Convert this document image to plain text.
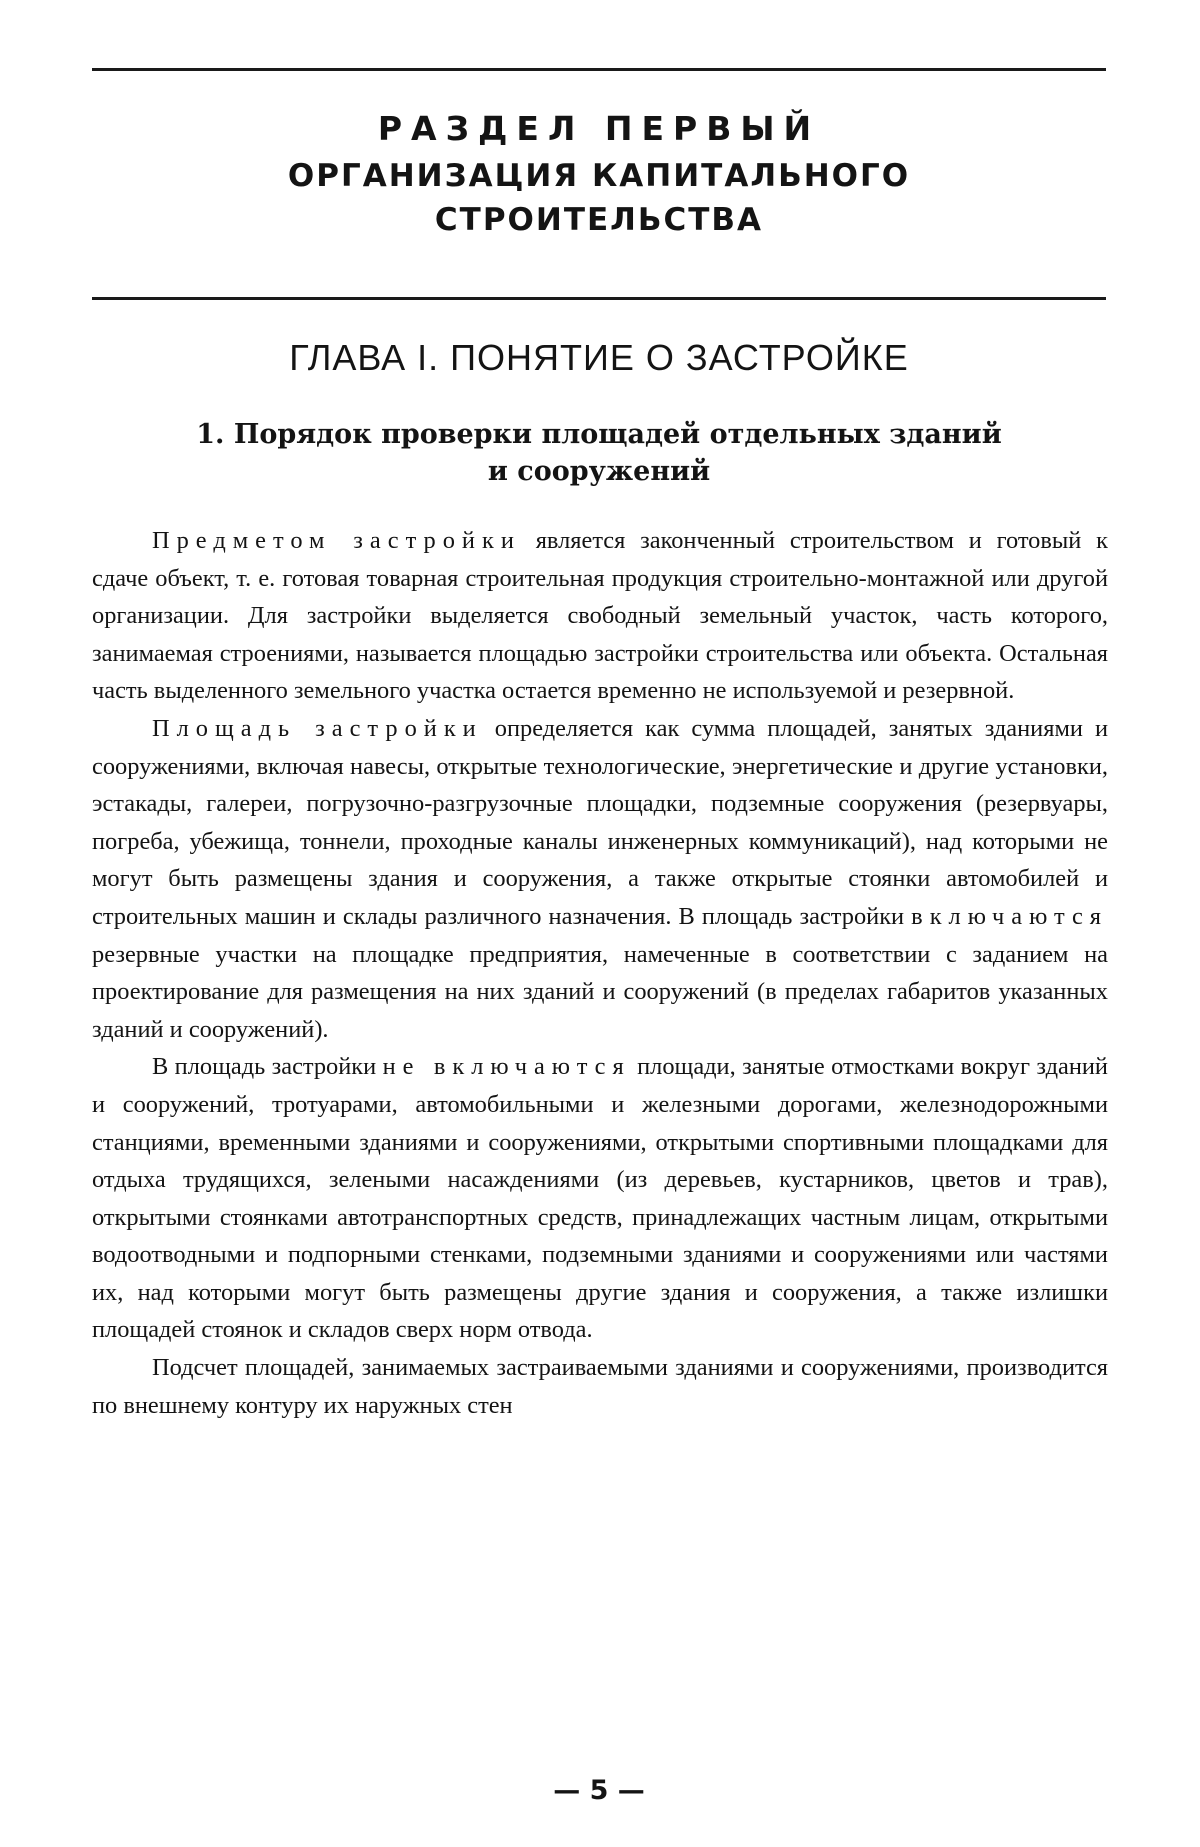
РАЗДЕЛ ПЕРВЫЙ

ОРГАНИЗАЦИЯ КАПИТАЛЬНОГО
СТРОИТЕЛЬСТВА

ГЛАВА I. ПОНЯТИЕ О ЗАСТРОЙКЕ
1. Порядок проверки площадей отдельных зданий
и сооружений

Предметом застройки является законченный строительством и готовый к сдаче объект, т. е. готовая товарная строительная продукция строительно-монтажной или другой организации. Для застройки выделяется свободный земельный участок, часть которого, занимаемая строениями, называется площадью застройки строительства или объекта. Остальная часть выделенного земельного участка остается временно не используемой и резервной.

Площадь застройки определяется как сумма площадей, занятых зданиями и сооружениями, включая навесы, открытые технологические, энергетические и другие установки, эстакады, галереи, погрузочно-разгрузочные площадки, подземные сооружения (резервуары, погреба, убежища, тоннели, проходные каналы инженерных коммуникаций), над которыми не могут быть размещены здания и сооружения, а также открытые стоянки автомобилей и строительных машин и склады различного назначения. В площадь застройки включаются резервные участки на площадке предприятия, намеченные в соответствии с заданием на проектирование для размещения на них зданий и сооружений (в пределах габаритов указанных зданий и сооружений).

В площадь застройки не включаются площади, занятые отмостками вокруг зданий и сооружений, тротуарами, автомобильными и железными дорогами, железнодорожными станциями, временными зданиями и сооружениями, открытыми спортивными площадками для отдыха трудящихся, зелеными насаждениями (из деревьев, кустарников, цветов и трав), открытыми стоянками автотранспортных средств, принадлежащих частным лицам, открытыми водоотводными и подпорными стенками, подземными зданиями и сооружениями или частями их, над которыми могут быть размещены другие здания и сооружения, а также излишки площадей стоянок и складов сверх норм отвода.

Подсчет площадей, занимаемых застраиваемыми зданиями и сооружениями, производится по внешнему контуру их наружных стен

— 5 —
